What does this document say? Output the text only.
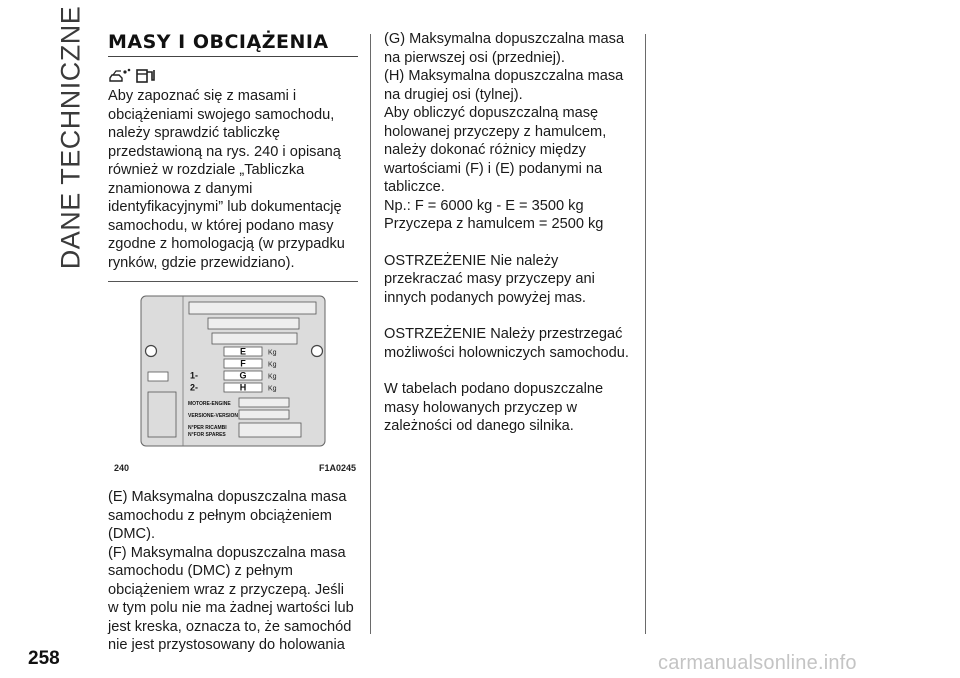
DANE TECHNICZNE MASY I OBCIĄŻENIA

Aby zapoznać się z masami i obciążeniami swojego samochodu, należy sprawdzić tabliczkę przedstawioną na rys. 240 i opisaną również w rozdziale „Tabliczka znamionowa z danymi identyfikacyjnymi” lub dokumentację samochodu, w której podano masy zgodne z homologacją (w przypadku rynków, gdzie przewidziano).

E
F
G
H
Kg
Kg
Kg
Kg
1-
2-
MOTORE-ENGINE
VERSIONE-VERSION
N°PER RICAMBI
N°FOR SPARES
240	F1A0245

(E) Maksymalna dopuszczalna masa samochodu z pełnym obciążeniem (DMC).

(F) Maksymalna dopuszczalna masa samochodu (DMC) z pełnym obciążeniem wraz z przyczepą. Jeśli w tym polu nie ma żadnej wartości lub jest kreska, oznacza to, że samochód nie jest przystosowany do holowania

(G) Maksymalna dopuszczalna masa na pierwszej osi (przedniej).

(H) Maksymalna dopuszczalna masa na drugiej osi (tylnej).

Aby obliczyć dopuszczalną masę holowanej przyczepy z hamulcem, należy dokonać różnicy między wartościami (F) i (E) podanymi na tabliczce.

Np.: F = 6000 kg - E = 3500 kg

Przyczepa z hamulcem = 2500 kg

OSTRZEŻENIE Nie należy przekraczać masy przyczepy ani innych podanych powyżej mas.

OSTRZEŻENIE Należy przestrzegać możliwości holowniczych samochodu.

W tabelach podano dopuszczalne masy holowanych przyczep w zależności od danego silnika.

258	carmanualsonline.info
